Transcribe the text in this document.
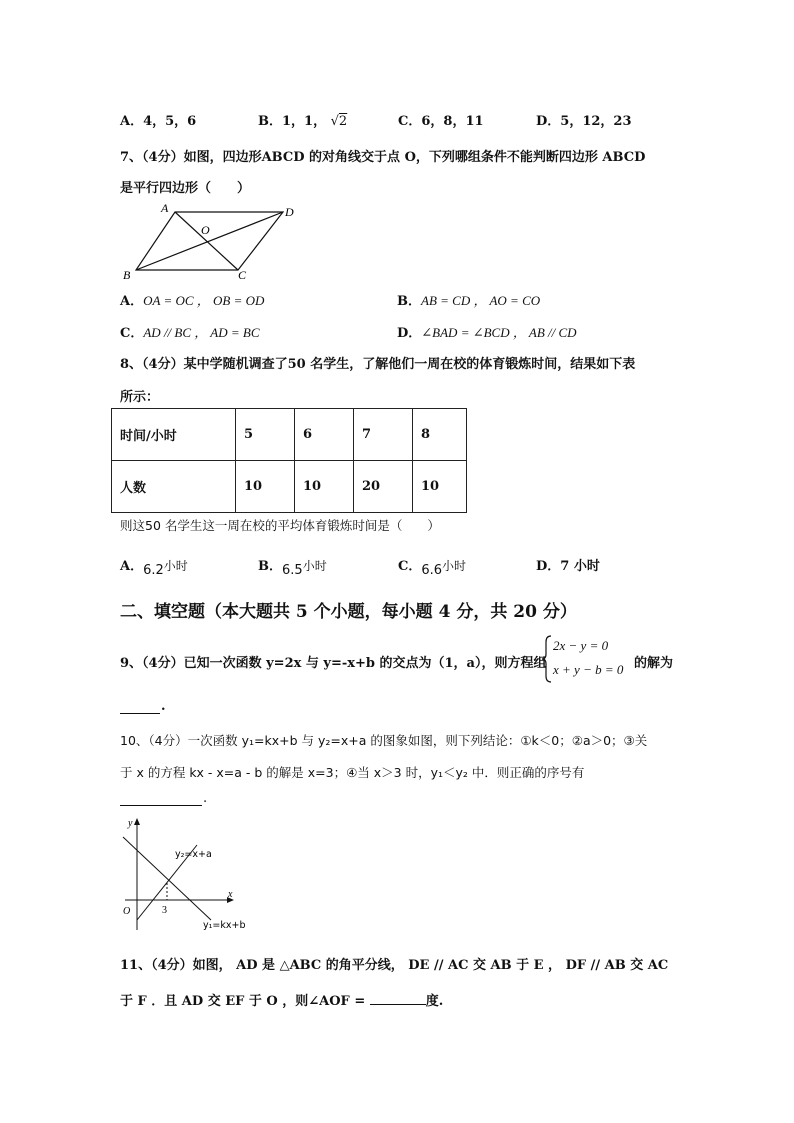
A．4，5，6	B．1，1， √2	C．6，8，11	D．5，12，23
7、（4分）如图，四边形ABCD 的对角线交于点 O，下列哪组条件不能判断四边形 ABCD
是平行四边形（　　）
A	D
B	C
O
A．OA = OC ， OB = OD	B．AB = CD ， AO = CO
C．AD // BC ， AD = BC	D．∠BAD = ∠BCD ， AB // CD
8、（4分）某中学随机调查了50 名学生，了解他们一周在校的体育锻炼时间，结果如下表
所示：
时间/小时	5	6	7	8
人数	10	10	20	10
则这50 名学生这一周在校的平均体育锻炼时间是（　　）
A．6.2小时	B．6.5小时	C．6.6小时	D．7 小时
二、填空题（本大题共 5 个小题，每小题 4 分，共 20 分）
9、（4分）已知一次函数 y=2x 与 y=-x+b 的交点为（1，a），则方程组
2x − y = 0
x + y − b = 0 的解为
.
10、（4分）一次函数 y₁=kx+b 与 y₂=x+a 的图象如图，则下列结论：①k＜0；②a＞0；③关
于 x 的方程 kx - x=a - b 的解是 x=3；④当 x＞3 时，y₁＜y₂ 中．则正确的序号有
.
y
x
O	3
y₂=x+a
y₁=kx+b
11、（4分）如图， AD 是 △ABC 的角平分线， DE // AC 交 AB 于 E ， DF // AB 交 AC
于 F ．且 AD 交 EF 于 O ，则∠AOF =	度.
